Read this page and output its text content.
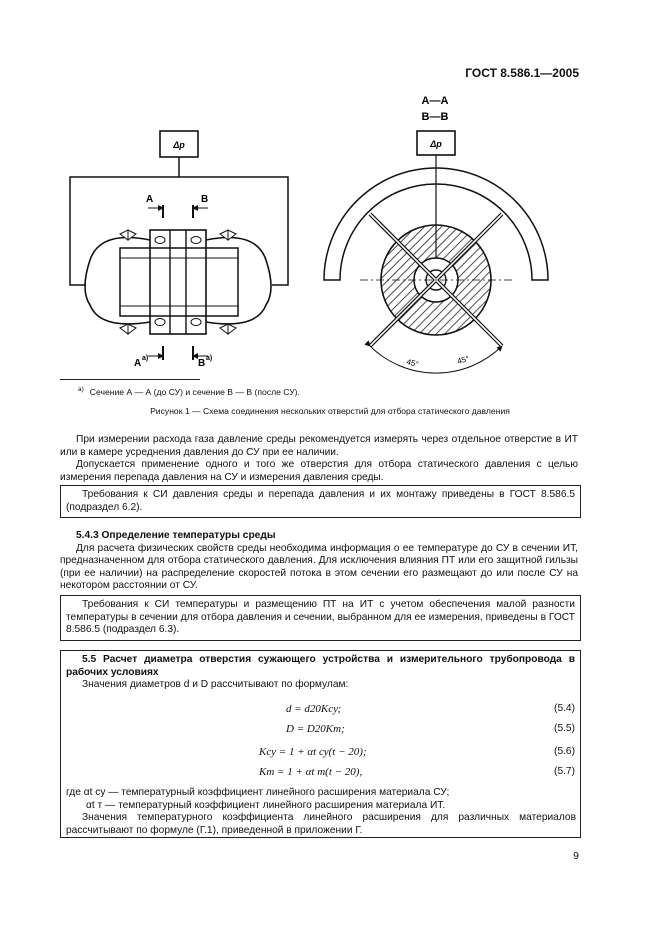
ГОСТ 8.586.1—2005
Δp
A	B
A а)	B а)
A—A
B—B
Δp
45°	45°
$^{а)}$ Сечение А — А (до СУ) и сечение В — В (после СУ).
Рисунок 1 — Схема соединения нескольких отверстий для отбора статического давления

При измерении расхода газа давление среды рекомендуется измерять через отдельное отверстие в ИТ или в камере усреднения давления до СУ при ее наличии.

Допускается применение одного и того же отверстия для отбора статического давления с целью измерения перепада давления на СУ и измерения давления среды.

Требования к СИ давления среды и перепада давления и их монтажу приведены в ГОСТ 8.586.5 (подраздел 6.2).

5.4.3 Определение температуры среды

Для расчета физических свойств среды необходима информация о ее температуре до СУ в сечении ИТ, предназначенном для отбора статического давления. Для исключения влияния ПТ или его защитной гильзы (при ее наличии) на распределение скоростей потока в этом сечении его размещают до или после СУ на некотором расстоянии от СУ.

Требования к СИ температуры и размещению ПТ на ИТ с учетом обеспечения малой разности температуры в сечении для отбора давления и сечении, выбранном для ее измерения, приведены в ГОСТ 8.586.5 (подраздел 6.3).

5.5 Расчет диаметра отверстия сужающего устройства и измерительного трубопровода в рабочих условиях

Значения диаметров d и D рассчитывают по формулам:

d = d20Kсу;	(5.4)
D = D20Kт;	(5.5)
Kсу = 1 + αt су(t − 20);	(5.6)
Kт = 1 + αt т(t − 20),	(5.7)
где αt су — температурный коэффициент линейного расширения материала СУ;
αt т — температурный коэффициент линейного расширения материала ИТ.
Значения температурного коэффициента линейного расширения для различных материалов рассчитывают по формуле (Г.1), приведенной в приложении Г.
9
